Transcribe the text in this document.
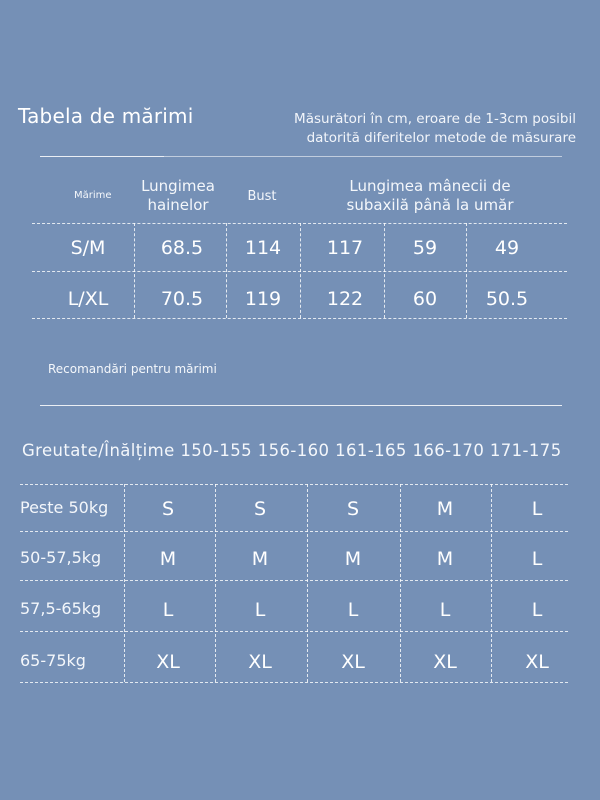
Tabela de mărimi	Măsurători în cm, eroare de 1-3cm posibil
datorită diferitelor metode de măsurare
Mărime
Lungimea
hainelor	Bust
Lungimea mânecii de
subaxilă până la umăr
S/M	68.5	114	117	59	49
L/XL	70.5	119	122	60	50.5
Recomandări pentru mărimi
Greutate/Înălțime 150-155 156-160 161-165 166-170 171-175
Peste 50kg	S	S	S	M	L
50-57,5kg	M	M	M	M	L
57,5-65kg	L	L	L	L	L
65-75kg	XL	XL	XL	XL	XL
